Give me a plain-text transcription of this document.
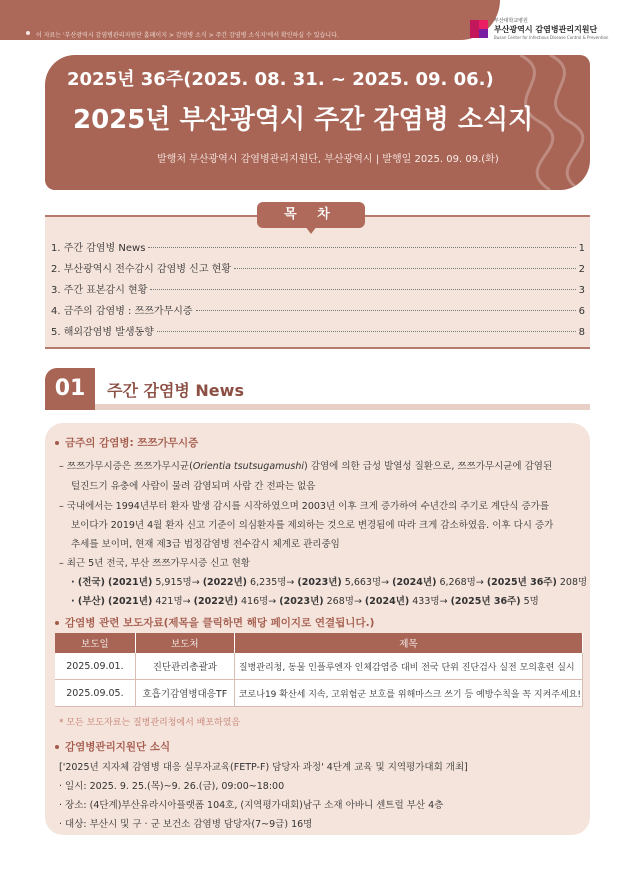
이 자료는 '부산광역시 감염병관리지원단 홈페이지 > 감염병 소식 > 주간 감염병 소식지'에서 확인하실 수 있습니다.
부산대학교병원
부산광역시 감염병관리지원단
Busan Center for Infectious Disease Control & Prevention
2025년 36주(2025. 08. 31. ~ 2025. 09. 06.)
2025년 부산광역시 주간 감염병 소식지
발행처 부산광역시 감염병관리지원단, 부산광역시 | 발행일 2025. 09. 09.(화)
1. 주간 감염병 News	1
2. 부산광역시 전수감시 감염병 신고 현황	2
3. 주간 표본감시 현황	3
4. 금주의 감염병 : 쯔쯔가무시증	6
5. 해외감염병 발생동향	8
목 차
01	주간 감염병 News
금주의 감염병: 쯔쯔가무시증
– 쯔쯔가무시증은 쯔쯔가무시균(Orientia tsutsugamushi) 감염에 의한 급성 발열성 질환으로, 쯔쯔가무시균에 감염된
털진드기 유충에 사람이 물려 감염되며 사람 간 전파는 없음
– 국내에서는 1994년부터 환자 발생 감시를 시작하였으며 2003년 이후 크게 증가하여 수년간의 주기로 계단식 증가를
보이다가 2019년 4월 환자 신고 기준이 의심환자를 제외하는 것으로 변경됨에 따라 크게 감소하였음. 이후 다시 증가
추세를 보이며, 현재 제3급 법정감염병 전수감시 체계로 관리중임
– 최근 5년 전국, 부산 쯔쯔가무시증 신고 현황
· (전국) (2021년) 5,915명→ (2022년) 6,235명→ (2023년) 5,663명→ (2024년) 6,268명→ (2025년 36주) 208명
· (부산) (2021년) 421명→ (2022년) 416명→ (2023년) 268명→ (2024년) 433명→ (2025년 36주) 5명
감염병 관련 보도자료(제목을 클릭하면 해당 페이지로 연결됩니다.)
보도일	보도처	제목
2025.09.01.	진단관리총괄과	질병관리청, 동물 인플루엔자 인체감염증 대비 전국 단위 진단검사 실전 모의훈련 실시
2025.09.05.	호흡기감염병대응TF	코로나19 확산세 지속, 고위험군 보호를 위해마스크 쓰기 등 예방수칙을 꼭 지켜주세요!
* 모든 보도자료는 질병관리청에서 배포하였음
감염병관리지원단 소식
['2025년 지자체 감염병 대응 실무자교육(FETP-F) 담당자 과정' 4단계 교육 및 지역평가대회 개최]
· 일시: 2025. 9. 25.(목)~9. 26.(금), 09:00~18:00
· 장소: (4단계)부산유라시아플랫폼 104호, (지역평가대회)남구 소재 아바니 센트럴 부산 4층
· 대상: 부산시 및 구 · 군 보건소 감염병 담당자(7~9급) 16명
